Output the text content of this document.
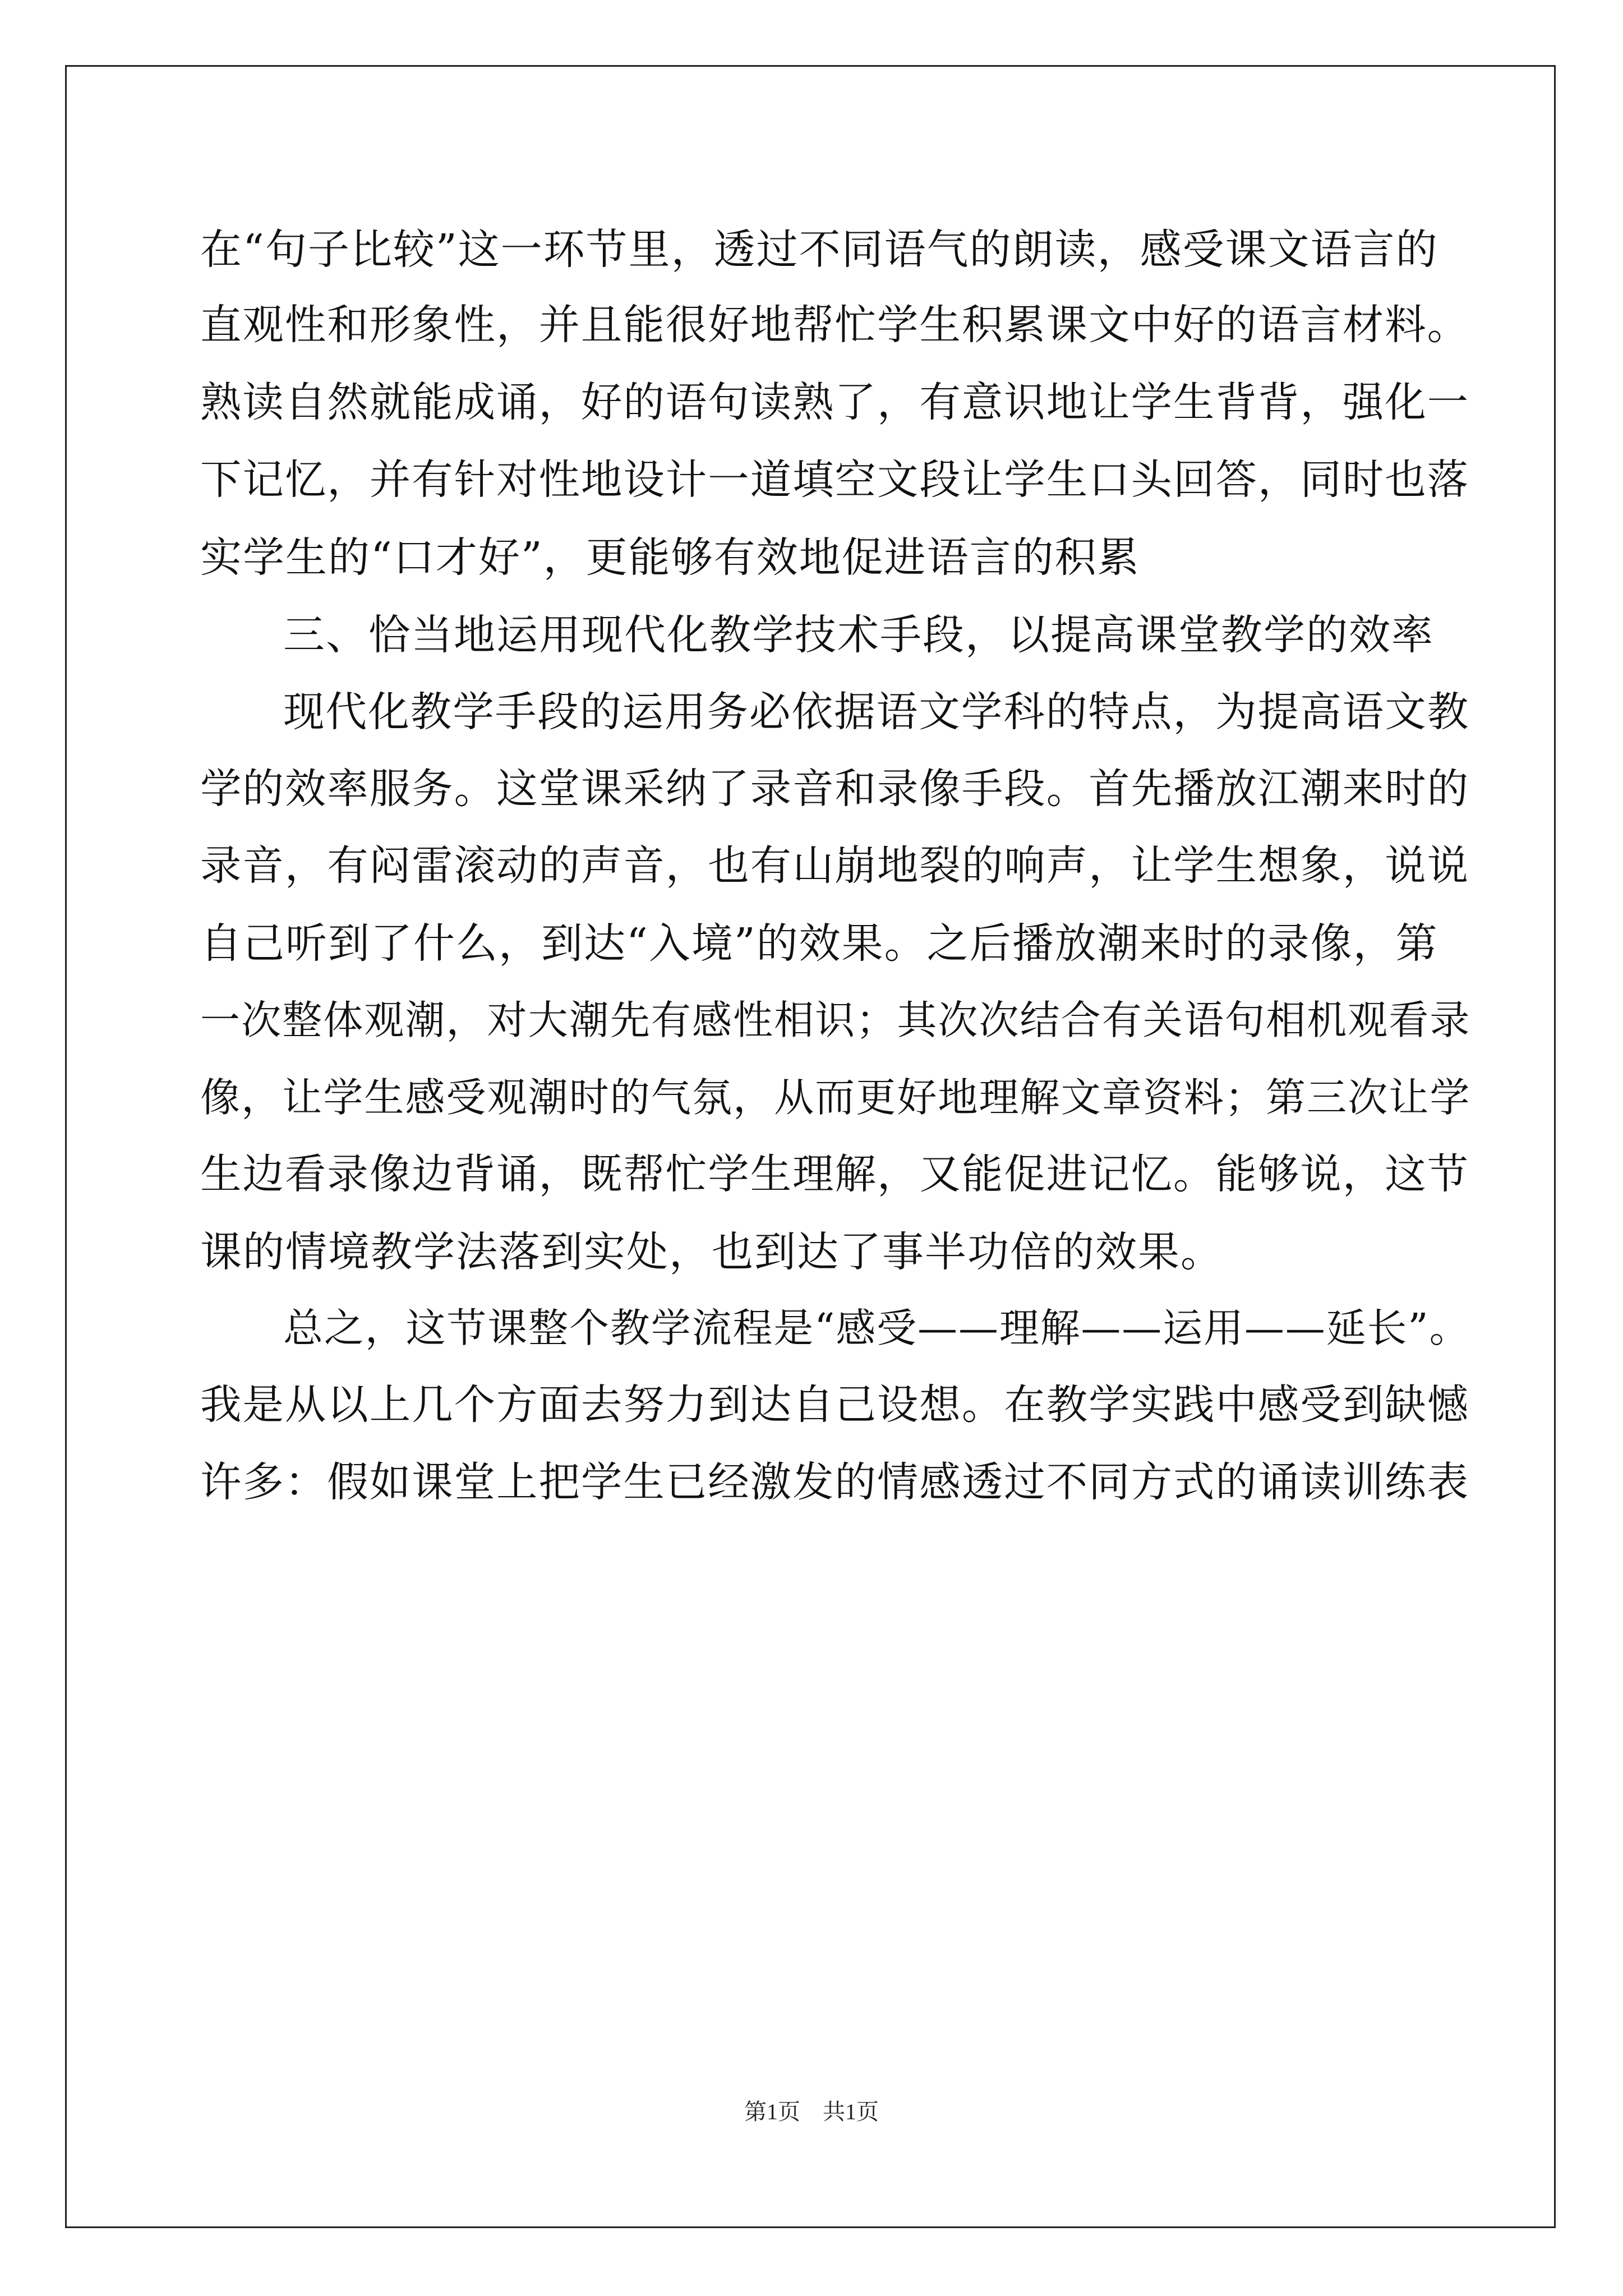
在“句子比较”这一环节里，透过不同语气的朗读，感受课文语言的
直观性和形象性，并且能很好地帮忙学生积累课文中好的语言材料。
熟读自然就能成诵，好的语句读熟了，有意识地让学生背背，强化一
下记忆，并有针对性地设计一道填空文段让学生口头回答，同时也落
实学生的“口才好”，更能够有效地促进语言的积累
三、恰当地运用现代化教学技术手段，以提高课堂教学的效率
现代化教学手段的运用务必依据语文学科的特点，为提高语文教
学的效率服务。这堂课采纳了录音和录像手段。首先播放江潮来时的
录音，有闷雷滚动的声音，也有山崩地裂的响声，让学生想象，说说
自己听到了什么，到达“入境”的效果。之后播放潮来时的录像，第
一次整体观潮，对大潮先有感性相识；其次次结合有关语句相机观看录
像，让学生感受观潮时的气氛，从而更好地理解文章资料；第三次让学
生边看录像边背诵，既帮忙学生理解，又能促进记忆。能够说，这节
课的情境教学法落到实处，也到达了事半功倍的效果。
总之，这节课整个教学流程是“感受——理解——运用——延长”。
我是从以上几个方面去努力到达自己设想。在教学实践中感受到缺憾
许多：假如课堂上把学生已经激发的情感透过不同方式的诵读训练表
第1页　共1页
